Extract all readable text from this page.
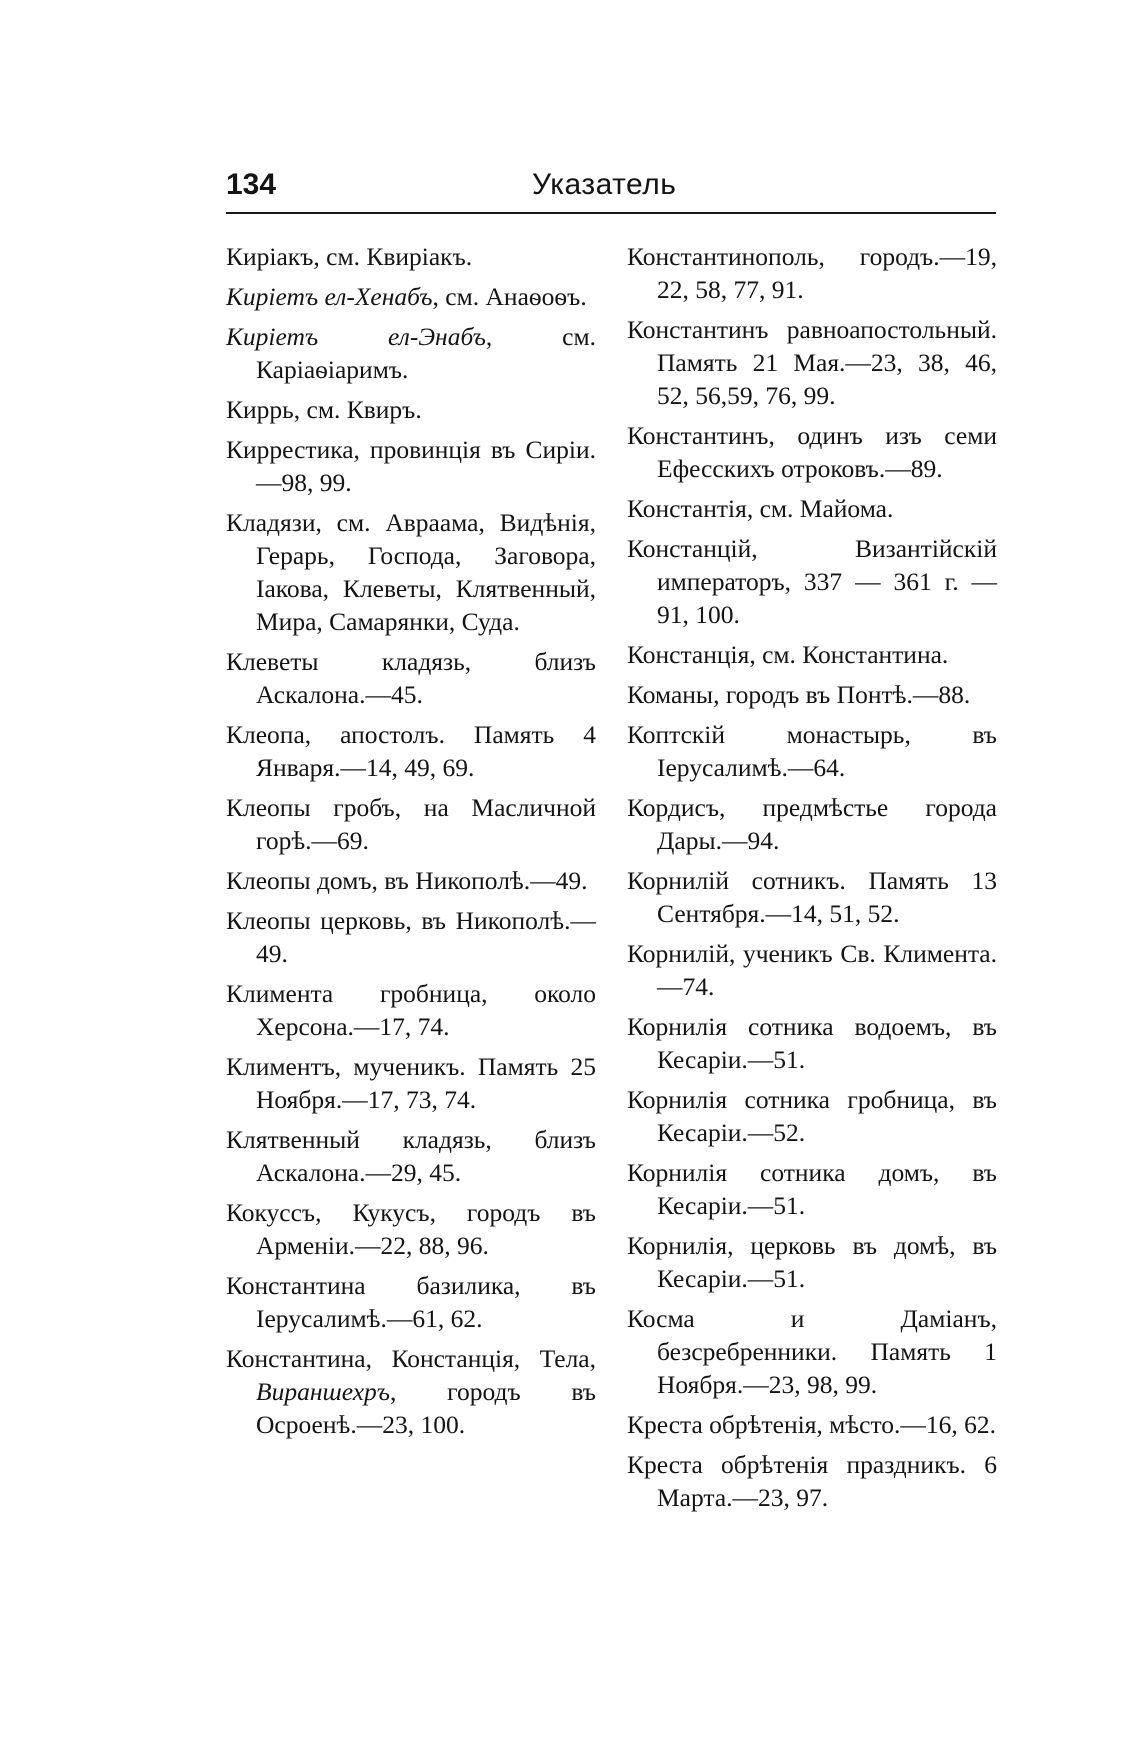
134	Указатель
Киріакъ, см. Квиріакъ.
Киріетъ ел-Хенабъ, см. Анаѳоѳъ.
Киріетъ ел-Энабъ, см. Каріаѳіаримъ.
Киррь, см. Квиръ.
Киррестика, провинція въ Сиріи.—98, 99.
Кладязи, см. Авраама, Видѣнія, Герарь, Господа, Заговора, Іакова, Клеветы, Клятвенный, Мира, Самарянки, Суда.
Клеветы кладязь, близъ Аскалона.—45.
Клеопа, апостолъ. Память 4 Января.—14, 49, 69.
Клеопы гробъ, на Масличной горѣ.—69.
Клеопы домъ, въ Никополѣ.—49.
Клеопы церковь, въ Никополѣ.—49.
Климента гробница, около Херсона.—17, 74.
Климентъ, мученикъ. Память 25 Ноября.—17, 73, 74.
Клятвенный кладязь, близъ Аскалона.—29, 45.
Кокуссъ, Кукусъ, городъ въ Арменіи.—22, 88, 96.
Константина базилика, въ Іерусалимѣ.—61, 62.
Константина, Констанція, Тела, Вираншехръ, городъ въ Осроенѣ.—23, 100.
Константинополь, городъ.—19, 22, 58, 77, 91.
Константинъ равноапостольный. Память 21 Мая.—23, 38, 46, 52, 56,59, 76, 99.
Константинъ, одинъ изъ семи Ефесскихъ отроковъ.—89.
Константія, см. Майома.
Констанцій, Византійскій императоръ, 337 — 361 г. — 91, 100.
Констанція, см. Константина.
Команы, городъ въ Понтѣ.—88.
Коптскій монастырь, въ Іерусалимѣ.—64.
Кордисъ, предмѣстье города Дары.—94.
Корнилій сотникъ. Память 13 Сентября.—14, 51, 52.
Корнилій, ученикъ Св. Климента.—74.
Корнилія сотника водоемъ, въ Кесаріи.—51.
Корнилія сотника гробница, въ Кесаріи.—52.
Корнилія сотника домъ, въ Кесаріи.—51.
Корнилія, церковь въ домѣ, въ Кесаріи.—51.
Косма и Даміанъ, безсребренники. Память 1 Ноября.—23, 98, 99.
Креста обрѣтенія, мѣсто.—16, 62.
Креста обрѣтенія праздникъ. 6 Марта.—23, 97.
